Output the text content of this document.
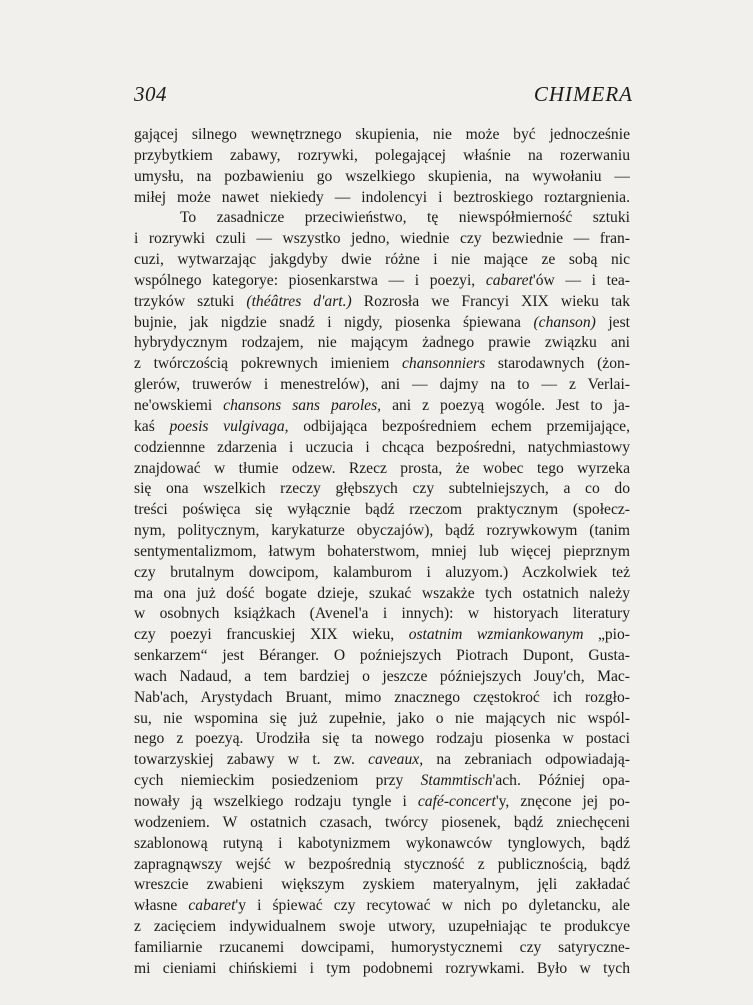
304	CHIMERA
gającej silnego wewnętrznego skupienia, nie może być jednocześnie
przybytkiem zabawy, rozrywki, polegającej właśnie na rozerwaniu
umysłu, na pozbawieniu go wszelkiego skupienia, na wywołaniu —
miłej może nawet niekiedy — indolencyi i beztroskiego roztargnienia.
To zasadnicze przeciwieństwo, tę niewspółmierność sztuki
i rozrywki czuli — wszystko jedno, wiednie czy bezwiednie — fran-
cuzi, wytwarzając jakgdyby dwie różne i nie mające ze sobą nic
wspólnego kategorye: piosenkarstwa — i poezyi, cabaret'ów — i tea-
trzyków sztuki (théâtres d'art.) Rozrosła we Francyi XIX wieku tak
bujnie, jak nigdzie snadź i nigdy, piosenka śpiewana (chanson) jest
hybrydycznym rodzajem, nie mającym żadnego prawie związku ani
z twórczością pokrewnych imieniem chansonniers starodawnych (żon-
glerów, truwerów i menestrelów), ani — dajmy na to — z Verlai-
ne'owskiemi chansons sans paroles, ani z poezyą wogóle. Jest to ja-
kaś poesis vulgivaga, odbijająca bezpośredniem echem przemijające,
codziennne zdarzenia i uczucia i chcąca bezpośredni, natychmiastowy
znajdować w tłumie odzew. Rzecz prosta, że wobec tego wyrzeka
się ona wszelkich rzeczy głębszych czy subtelniejszych, a co do
treści poświęca się wyłącznie bądź rzeczom praktycznym (społecz-
nym, politycznym, karykaturze obyczajów), bądź rozrywkowym (tanim
sentymentalizmom, łatwym bohaterstwom, mniej lub więcej pieprznym
czy brutalnym dowcipom, kalamburom i aluzyom.) Aczkolwiek też
ma ona już dość bogate dzieje, szukać wszakże tych ostatnich należy
w osobnych książkach (Avenel'a i innych): w historyach literatury
czy poezyi francuskiej XIX wieku, ostatnim wzmiankowanym „pio-
senkarzem“ jest Béranger. O poźniejszych Piotrach Dupont, Gusta-
wach Nadaud, a tem bardziej o jeszcze późniejszych Jouy'ch, Mac-
Nab'ach, Arystydach Bruant, mimo znacznego częstokroć ich rozgło-
su, nie wspomina się już zupełnie, jako o nie mających nic wspól-
nego z poezyą. Urodziła się ta nowego rodzaju piosenka w postaci
towarzyskiej zabawy w t. zw. caveaux, na zebraniach odpowiadają-
cych niemieckim posiedzeniom przy Stammtisch'ach. Później opa-
nowały ją wszelkiego rodzaju tyngle i café-concert'y, znęcone jej po-
wodzeniem. W ostatnich czasach, twórcy piosenek, bądź zniechęceni
szablonową rutyną i kabotynizmem wykonawców tynglowych, bądź
zapragnąwszy wejść w bezpośrednią styczność z publicznością, bądź
wreszcie zwabieni większym zyskiem materyalnym, jęli zakładać
własne cabaret'y i śpiewać czy recytować w nich po dyletancku, ale
z zacięciem indywidualnem swoje utwory, uzupełniając te produkcye
familiarnie rzucanemi dowcipami, humorystycznemi czy satyryczne-
mi cieniami chińskiemi i tym podobnemi rozrywkami. Było w tych
